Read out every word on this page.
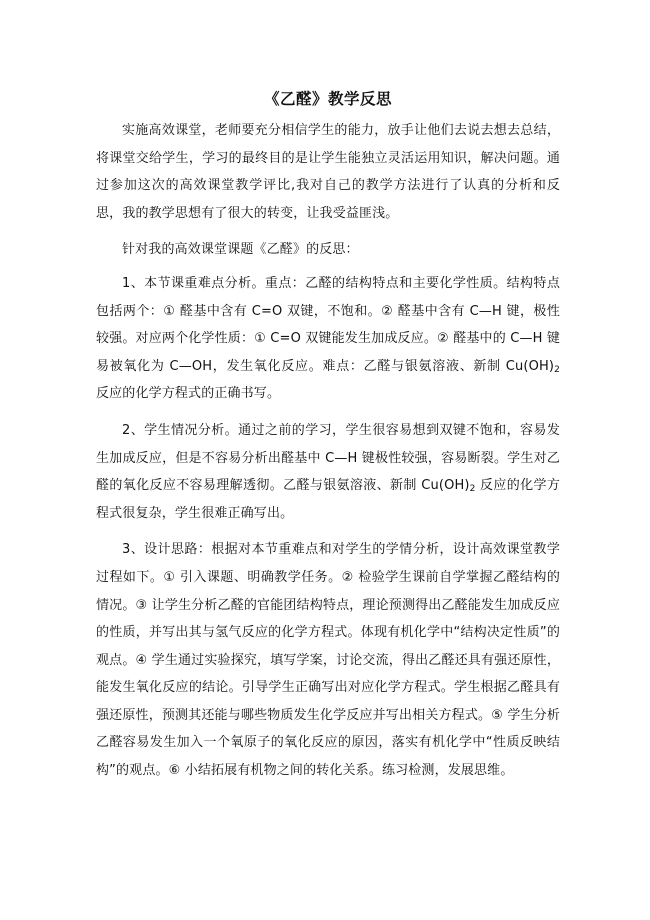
《乙醛》教学反思

实施高效课堂，老师要充分相信学生的能力，放手让他们去说去想去总结，将课堂交给学生，学习的最终目的是让学生能独立灵活运用知识，解决问题。通过参加这次的高效课堂教学评比,我对自己的教学方法进行了认真的分析和反思，我的教学思想有了很大的转变，让我受益匪浅。

针对我的高效课堂课题《乙醛》的反思：

1、本节课重难点分析。重点：乙醛的结构特点和主要化学性质。结构特点包括两个：① 醛基中含有 C=O 双键，不饱和。② 醛基中含有 C—H 键，极性较强。对应两个化学性质：① C=O 双键能发生加成反应。② 醛基中的 C—H 键易被氧化为 C—OH，发生氧化反应。难点：乙醛与银氨溶液、新制 $Cu(OH)_2$ 反应的化学方程式的正确书写。

2、学生情况分析。通过之前的学习，学生很容易想到双键不饱和，容易发生加成反应，但是不容易分析出醛基中 C—H 键极性较强，容易断裂。学生对乙醛的氧化反应不容易理解透彻。乙醛与银氨溶液、新制 $Cu(OH)_2$ 反应的化学方程式很复杂，学生很难正确写出。

3、设计思路：根据对本节重难点和对学生的学情分析，设计高效课堂教学过程如下。① 引入课题、明确教学任务。② 检验学生课前自学掌握乙醛结构的情况。③ 让学生分析乙醛的官能团结构特点，理论预测得出乙醛能发生加成反应的性质，并写出其与氢气反应的化学方程式。体现有机化学中“结构决定性质”的观点。④ 学生通过实验探究，填写学案，讨论交流，得出乙醛还具有强还原性，能发生氧化反应的结论。引导学生正确写出对应化学方程式。学生根据乙醛具有强还原性，预测其还能与哪些物质发生化学反应并写出相关方程式。⑤ 学生分析乙醛容易发生加入一个氧原子的氧化反应的原因，落实有机化学中“性质反映结构”的观点。⑥ 小结拓展有机物之间的转化关系。练习检测，发展思维。
